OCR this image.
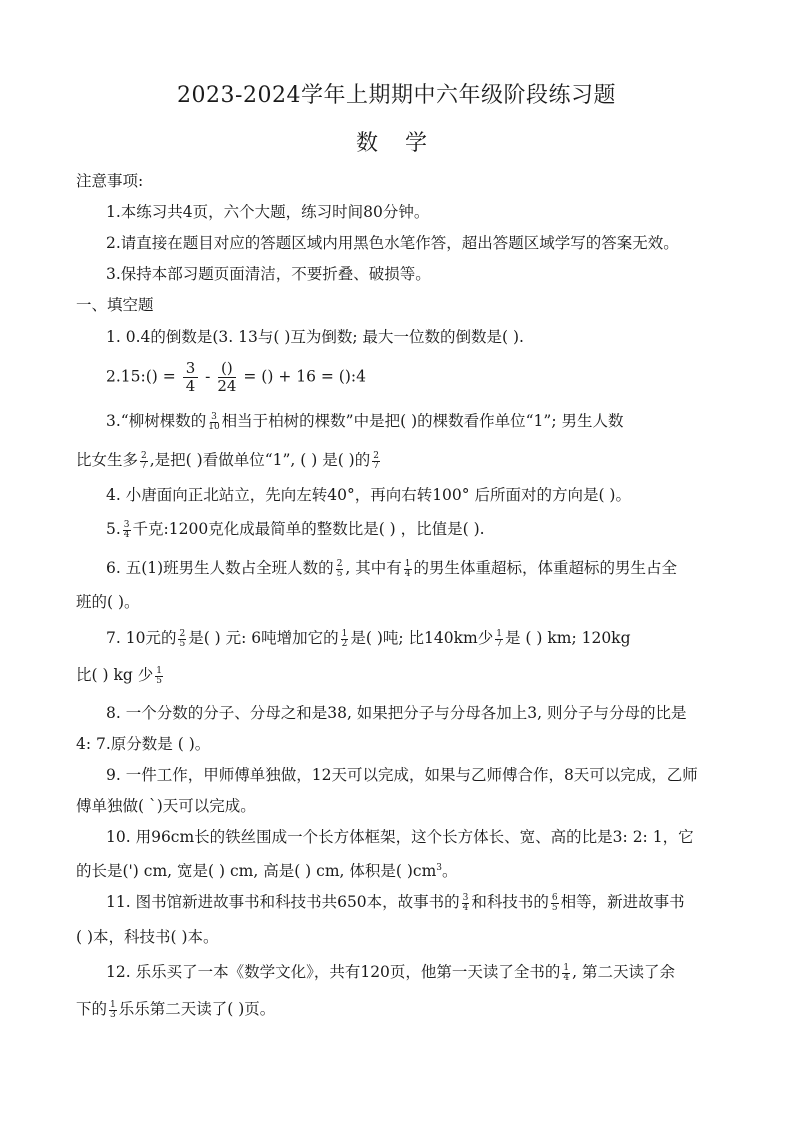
2023-2024学年上期期中六年级阶段练习题
数 学
注意事项:
1.本练习共4页，六个大题，练习时间80分钟。
2.请直接在题目对应的答题区域内用黑色水笔作答，超出答题区域学写的答案无效。
3.保持本部习题页面清洁，不要折叠、破损等。
一、填空题
1. 0.4的倒数是(3. 13与( )互为倒数; 最大一位数的倒数是( ).
2.15:() = $\frac{3}{4} - \frac{()}{24}$ = () + 16 = ():4
3.“柳树棵数的 $\frac{3}{10}$ 相当于柏树的棵数”中是把( )的棵数看作单位“1”; 男生人数
比女生多 $\frac{2}{7}$ ,是把( )看做单位“1”, ( ) 是( )的 $\frac{2}{7}$
4. 小唐面向正北站立，先向左转40°，再向右转100° 后所面对的方向是( )。
5. $\frac{3}{4}$ 千克:1200克化成最简单的整数比是( ) ，比值是( ).
6. 五(1)班男生人数占全班人数的 $\frac{2}{5}$ , 其中有 $\frac{1}{4}$ 的男生体重超标，体重超标的男生占全
班的( )。
7. 10元的 $\frac{2}{5}$ 是( ) 元: 6吨增加它的 $\frac{1}{2}$ 是( )吨; 比140km少 $\frac{1}{7}$ 是 ( ) km; 120kg
比( ) kg 少 $\frac{1}{5}$
8. 一个分数的分子、分母之和是38, 如果把分子与分母各加上3, 则分子与分母的比是
4: 7.原分数是 ( )。
9. 一件工作，甲师傅单独做，12天可以完成，如果与乙师傅合作，8天可以完成，乙师
傅单独做( `)天可以完成。
10. 用96cm长的铁丝围成一个长方体框架，这个长方体长、宽、高的比是3: 2: 1，它
的长是(') cm, 宽是( ) cm, 高是( ) cm, 体积是( )$cm^3$。
11. 图书馆新进故事书和科技书共650本，故事书的 $\frac{3}{4}$ 和科技书的 $\frac{6}{5}$ 相等，新进故事书
( )本，科技书( )本。
12. 乐乐买了一本《数学文化》，共有120页，他第一天读了全书的 $\frac{1}{4}$ , 第二天读了余
下的 $\frac{1}{3}$ 乐乐第二天读了( )页。
